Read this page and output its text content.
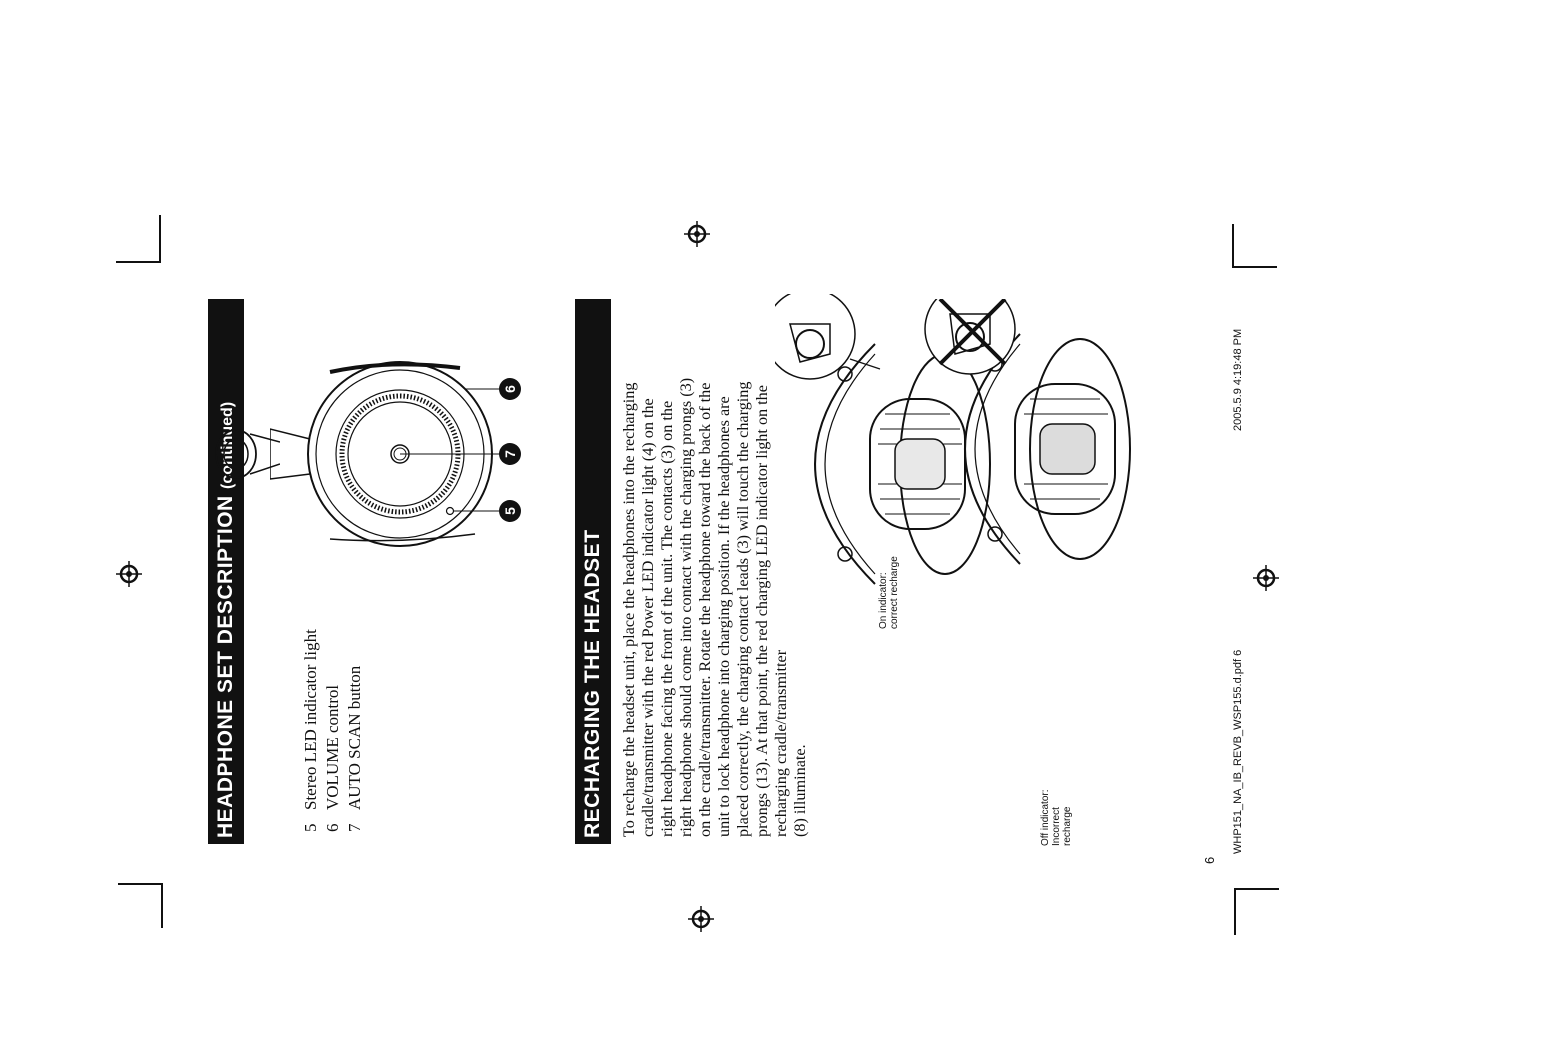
HEADPHONE SET DESCRIPTION (continued)
5Stereo LED indicator light
6VOLUME control
7AUTO SCAN button
5
7
6
RECHARGING THE HEADSET To recharge the headset unit, place the headphones into the recharging cradle/transmitter with the red Power LED indicator light (4) on the right headphone facing the front of the unit. The contacts (3) on the right headphone should come into contact with the charging prongs (3) on the cradle/transmitter. Rotate the headphone toward the back of the unit to lock headphone into charging position. If the headphones are placed correctly, the charging contact leads (3) will touch the charging prongs (13). At that point, the red charging LED indicator light on the recharging cradle/transmitter (8) illuminate.
On indicator: correct recharge
Off indicator: Incorrect recharge
6
WHP151_NA_IB_REVB_WSP155.d.pdf 6
2005.5.9 4:19:48 PM
